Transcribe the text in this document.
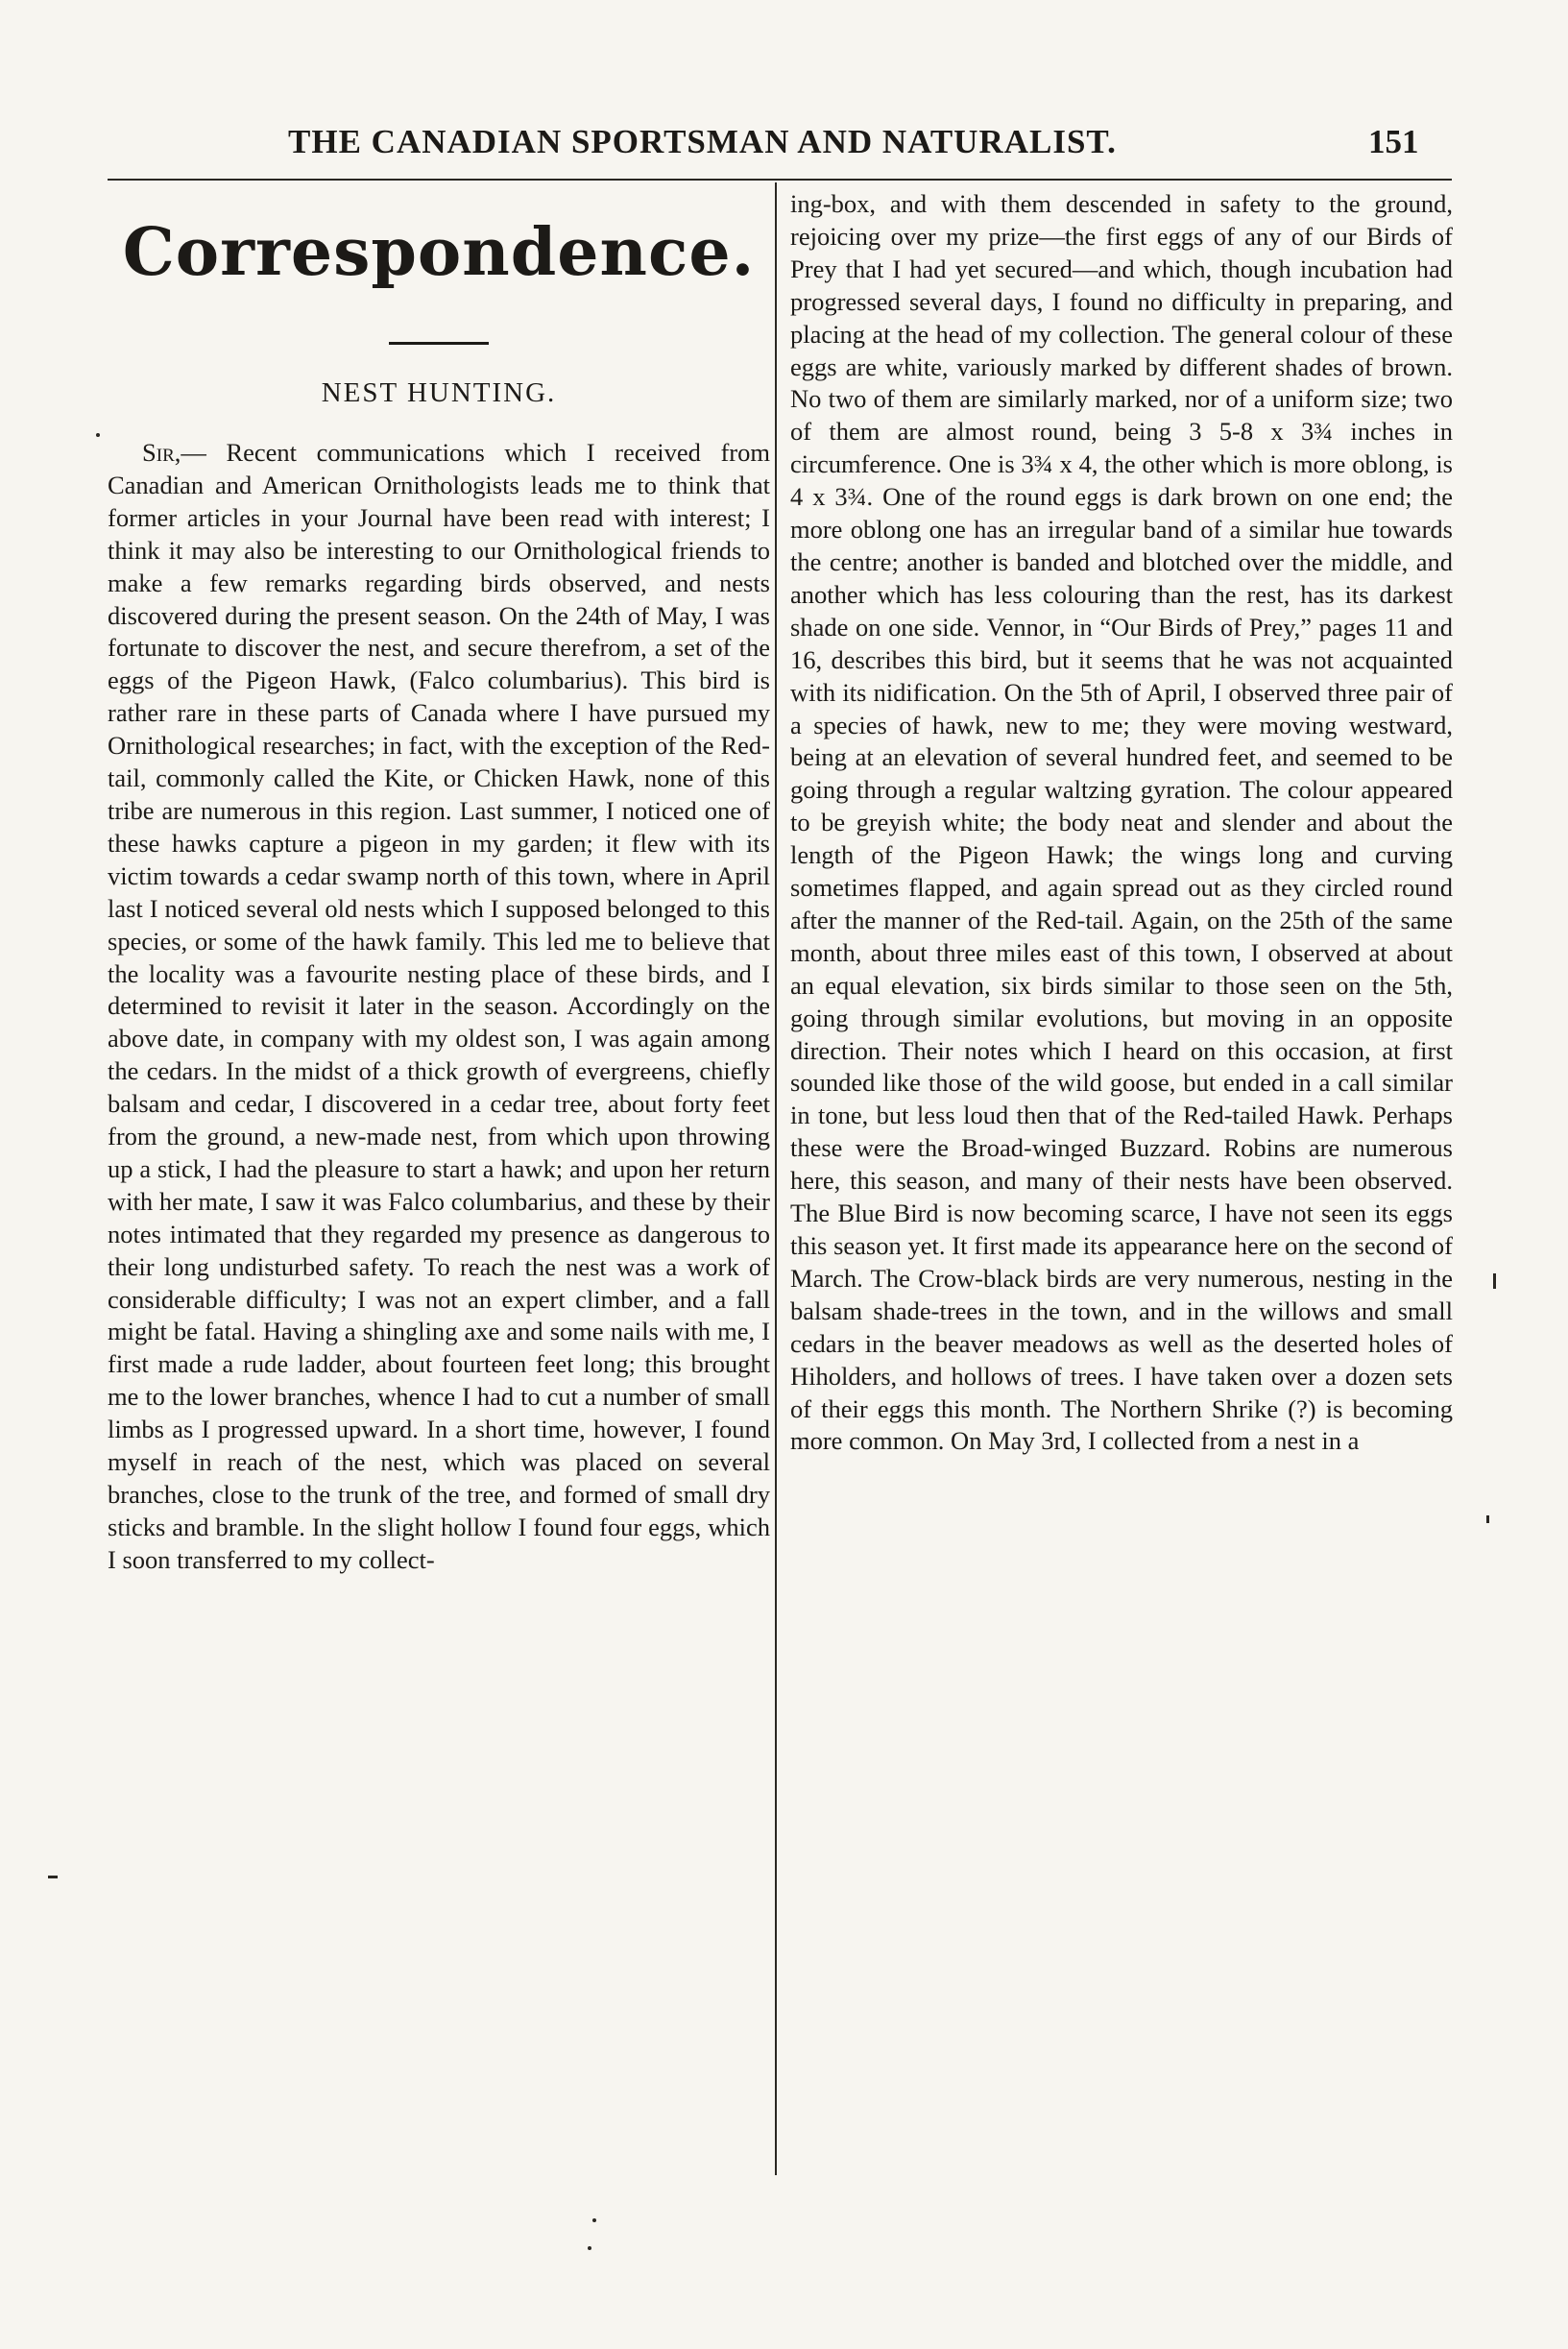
THE CANADIAN SPORTSMAN AND NATURALIST.	151
Correspondence.
NEST HUNTING.

Sir,— Recent communications which I received from Canadian and American Ornithologists leads me to think that former articles in your Journal have been read with interest; I think it may also be interesting to our Ornithological friends to make a few remarks regarding birds observed, and nests discovered during the present season. On the 24th of May, I was fortunate to discover the nest, and secure therefrom, a set of the eggs of the Pigeon Hawk, (Falco columbarius). This bird is rather rare in these parts of Canada where I have pursued my Ornithological researches; in fact, with the exception of the Red-tail, commonly called the Kite, or Chicken Hawk, none of this tribe are numerous in this region. Last summer, I noticed one of these hawks capture a pigeon in my garden; it flew with its victim towards a cedar swamp north of this town, where in April last I noticed several old nests which I supposed belonged to this species, or some of the hawk family. This led me to believe that the locality was a favourite nesting place of these birds, and I determined to revisit it later in the season. Accordingly on the above date, in company with my oldest son, I was again among the cedars. In the midst of a thick growth of evergreens, chiefly balsam and cedar, I discovered in a cedar tree, about forty feet from the ground, a new-made nest, from which upon throwing up a stick, I had the pleasure to start a hawk; and upon her return with her mate, I saw it was Falco columbarius, and these by their notes intimated that they regarded my presence as dangerous to their long undisturbed safety. To reach the nest was a work of considerable difficulty; I was not an expert climber, and a fall might be fatal. Having a shingling axe and some nails with me, I first made a rude ladder, about fourteen feet long; this brought me to the lower branches, whence I had to cut a number of small limbs as I progressed upward. In a short time, however, I found myself in reach of the nest, which was placed on several branches, close to the trunk of the tree, and formed of small dry sticks and bramble. In the slight hollow I found four eggs, which I soon transferred to my collect-

ing-box, and with them descended in safety to the ground, rejoicing over my prize—the first eggs of any of our Birds of Prey that I had yet secured—and which, though incubation had progressed several days, I found no difficulty in preparing, and placing at the head of my collection. The general colour of these eggs are white, variously marked by different shades of brown. No two of them are similarly marked, nor of a uniform size; two of them are almost round, being 3 5-8 x 3¾ inches in circumference. One is 3¾ x 4, the other which is more oblong, is 4 x 3¾. One of the round eggs is dark brown on one end; the more oblong one has an irregular band of a similar hue towards the centre; another is banded and blotched over the middle, and another which has less colouring than the rest, has its darkest shade on one side. Vennor, in “Our Birds of Prey,” pages 11 and 16, describes this bird, but it seems that he was not acquainted with its nidification. On the 5th of April, I observed three pair of a species of hawk, new to me; they were moving westward, being at an elevation of several hundred feet, and seemed to be going through a regular waltzing gyration. The colour appeared to be greyish white; the body neat and slender and about the length of the Pigeon Hawk; the wings long and curving sometimes flapped, and again spread out as they circled round after the manner of the Red-tail. Again, on the 25th of the same month, about three miles east of this town, I observed at about an equal elevation, six birds similar to those seen on the 5th, going through similar evolutions, but moving in an opposite direction. Their notes which I heard on this occasion, at first sounded like those of the wild goose, but ended in a call similar in tone, but less loud then that of the Red-tailed Hawk. Perhaps these were the Broad-winged Buzzard. Robins are numerous here, this season, and many of their nests have been observed. The Blue Bird is now becoming scarce, I have not seen its eggs this season yet. It first made its appearance here on the second of March. The Crow-black birds are very numerous, nesting in the balsam shade-trees in the town, and in the willows and small cedars in the beaver meadows as well as the deserted holes of Hiholders, and hollows of trees. I have taken over a dozen sets of their eggs this month. The Northern Shrike (?) is becoming more common. On May 3rd, I collected from a nest in a
